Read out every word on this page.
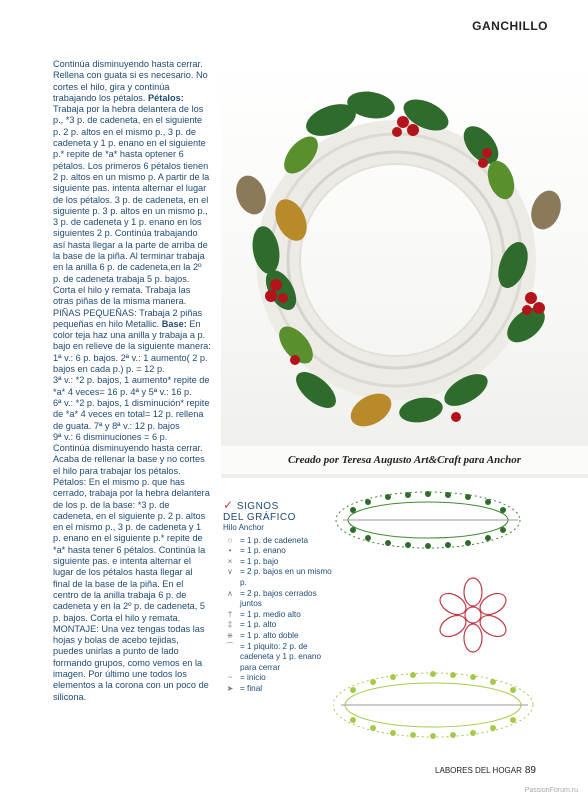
GANCHILLO

Continúa disminuyendo hasta cerrar. Rellena con guata si es necesario. No cortes el hilo, gira y continúa trabajando los pétalos. Pétalos: Trabaja por la hebra delantera de los p., *3 p. de cadeneta, en el siguiente p. 2 p. altos en el mismo p., 3 p. de cadeneta y 1 p. enano en el siguiente p.* repite de *a* hasta optener 6 pétalos. Los primeros 6 pétalos tienen 2 p. altos en un mismo p. A partir de la siguiente pas. intenta alternar el lugar de los pétalos. 3 p. de cadeneta, en el siguiente p. 3 p. altos en un mismo p., 3 p. de cadeneta y 1 p. enano en los siguientes 2 p. Continúa trabajando así hasta llegar a la parte de arriba de la base de la piña. Al terminar trabaja en la anilla 6 p. de cadeneta,en la 2º p. de cadeneta trabaja 5 p. bajos. Corta el hilo y remata. Trabaja las otras piñas de la misma manera.

PIÑAS PEQUEÑAS: Trabaja 2 piñas pequeñas en hilo Metallic. Base: En color teja haz una anilla y trabaja a p. bajo en relieve de la siguiente manera:

1ª v.: 6 p. bajos. 2ª v.: 1 aumento( 2 p. bajos en cada p.) p. = 12 p.

3ª v.: *2 p. bajos, 1 aumento* repite de *a* 4 veces= 16 p. 4ª y 5ª v.: 16 p.

6ª v.: *2 p. bajos, 1 disminución* repite de *a* 4 veces en total= 12 p. rellena de guata. 7ª y 8ª v.: 12 p. bajos

9ª v.: 6 disminuciones = 6 p.

Continúa disminuyendo hasta cerrar. Acaba de rellenar la base y no cortes el hilo para trabajar los pétalos. Pétalos: En el mismo p. que has cerrado, trabaja por la hebra delantera de los p. de la base: *3 p. de cadeneta, en el siguiente p. 2 p. altos en el mismo p., 3 p. de cadeneta y 1 p. enano en el siguiente p.* repite de *a* hasta tener 6 pétalos. Continúa la siguiente pas. e intenta alternar el lugar de los pétalos hasta llegar al final de la base de la piña. En el centro de la anilla trabaja 6 p. de cadeneta y en la 2º p. de cadeneta, 5 p. bajos. Corta el hilo y remata.

MONTAJE: Una vez tengas todas las hojas y bolas de acebo tejidas, puedes unirlas a punto de lado formando grupos, como vemos en la imagen. Por último une todos los elementos a la corona con un poco de silicona.

Creado por Teresa Augusto Art&Craft para Anchor
✓ SIGNOS
DEL GRÁFICO
Hilo Anchor
○ = 1 p. de cadeneta
•	= 1 p. enano
× = 1 p. bajo
∨ = 2 p. bajos en un mismo p.
∧ = 2 p. bajos cerrados juntos
† = 1 p. medio alto
‡ = 1 p. alto
⧺ = 1 p. alto doble
⌒ = 1 piquito: 2 p. de cadeneta y 1 p. enano para cerrar
~ = inicio
➤ = final
LABORES DEL HOGAR 89
PassionForum.ru
